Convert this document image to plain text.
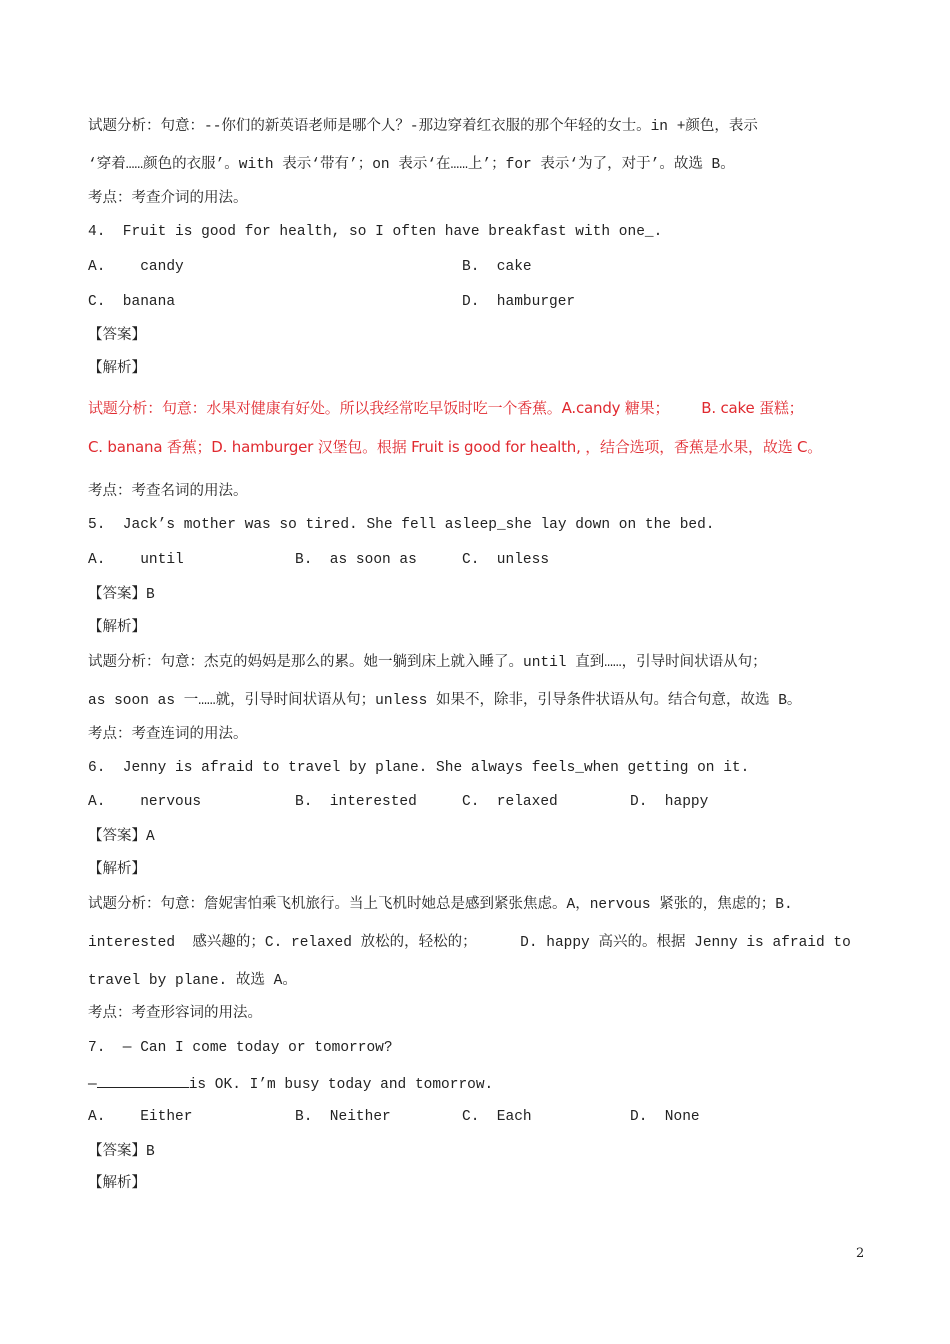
试题分析：句意：--你们的新英语老师是哪个人？-那边穿着红衣服的那个年轻的女士。in +颜色，表示
‘穿着……颜色的衣服’。with 表示‘带有’；on 表示‘在……上’；for 表示‘为了，对于’。故选 B。
考点：考查介词的用法。
4.  Fruit is good for health, so I often have breakfast with one_.
A.    candy	B.  cake
C.  banana	D.  hamburger
【答案】
【解析】
试题分析：句意：水果对健康有好处。所以我经常吃早饭时吃一个香蕉。A.candy 糖果；       B. cake 蛋糕；
C. banana 香蕉；D. hamburger 汉堡包。根据 Fruit is good for health, ，结合选项，香蕉是水果，故选 C。
考点：考查名词的用法。
5.  Jack’s mother was so tired. She fell asleep_she lay down on the bed.
A.    until	B.  as soon as	C.  unless
【答案】B
【解析】
试题分析：句意：杰克的妈妈是那么的累。她一躺到床上就入睡了。until 直到……，引导时间状语从句；
as soon as 一……就，引导时间状语从句；unless 如果不，除非，引导条件状语从句。结合句意，故选 B。
考点：考查连词的用法。
6.  Jenny is afraid to travel by plane. She always feels_when getting on it.
A.    nervous	B.  interested	C.  relaxed	D.  happy
【答案】A
【解析】
试题分析：句意：詹妮害怕乘飞机旅行。当上飞机时她总是感到紧张焦虑。A，nervous 紧张的，焦虑的；B.
interested  感兴趣的；C. relaxed 放松的，轻松的；     D. happy 高兴的。根据 Jenny is afraid to
travel by plane. 故选 A。
考点：考查形容词的用法。
7.  — Can I come today or tomorrow?
—	is OK. I’m busy today and tomorrow.
A.    Either	B.  Neither	C.  Each	D.  None
【答案】B
【解析】
2
